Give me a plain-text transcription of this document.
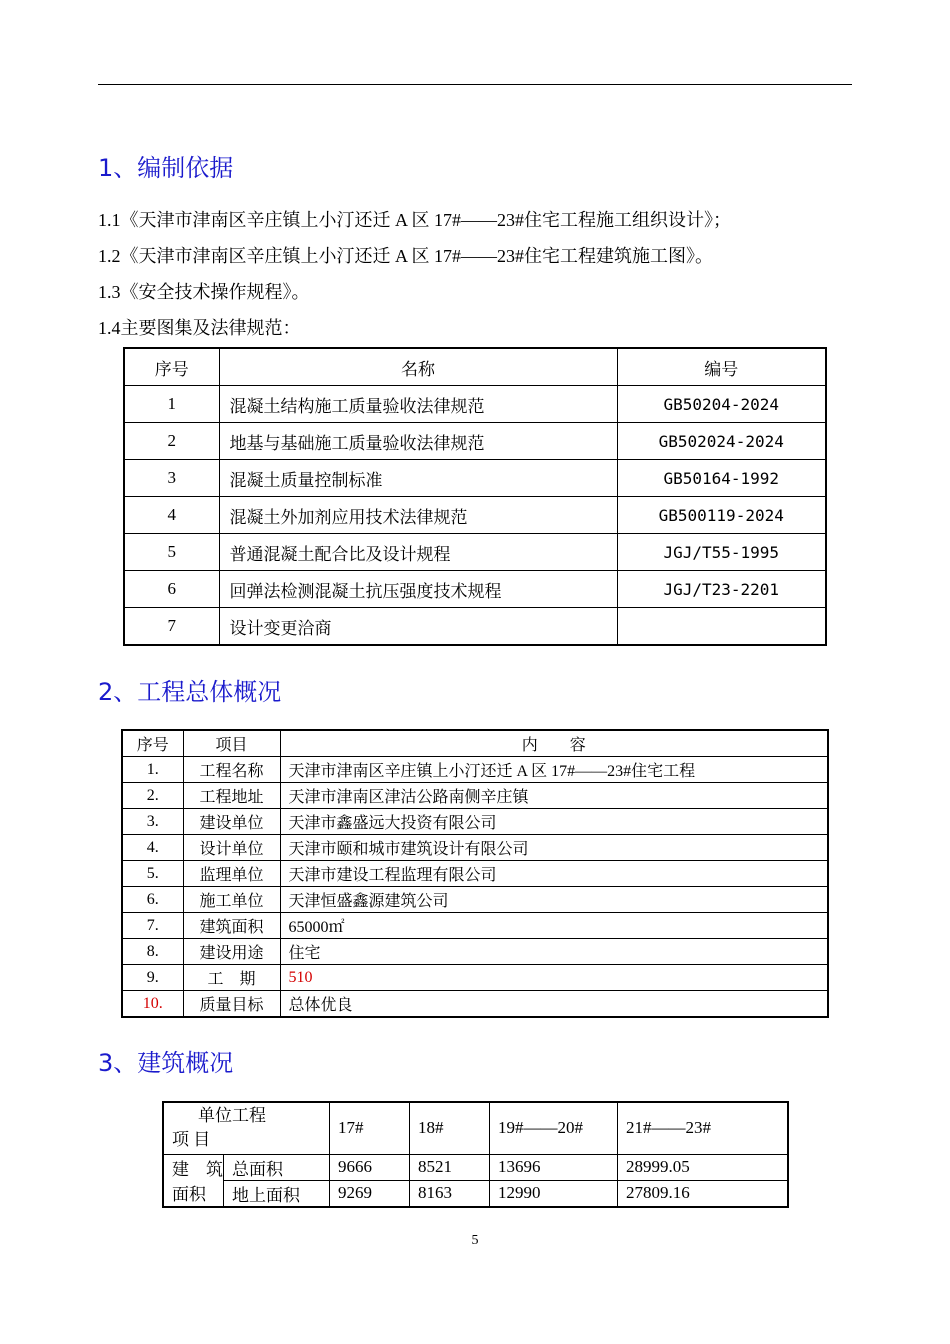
1、编制依据
1.1《天津市津南区辛庄镇上小汀还迁 A 区 17#——23#住宅工程施工组织设计》；
1.2《天津市津南区辛庄镇上小汀还迁 A 区 17#——23#住宅工程建筑施工图》。
1.3《安全技术操作规程》。
1.4主要图集及法律规范：
序号	名称	编号
1	混凝土结构施工质量验收法律规范	GB50204-2024
2	地基与基础施工质量验收法律规范	GB502024-2024
3	混凝土质量控制标准	GB50164-1992
4	混凝土外加剂应用技术法律规范	GB500119-2024
5	普通混凝土配合比及设计规程	JGJ/T55-1995
6	回弹法检测混凝土抗压强度技术规程	JGJ/T23-2201
7	设计变更洽商	
2、工程总体概况
序号	项目	内　　容
1.	工程名称	天津市津南区辛庄镇上小汀还迁 A 区 17#——23#住宅工程
2.	工程地址	天津市津南区津沽公路南侧辛庄镇
3.	建设单位	天津市鑫盛远大投资有限公司
4.	设计单位	天津市颐和城市建筑设计有限公司
5.	监理单位	天津市建设工程监理有限公司
6.	施工单位	天津恒盛鑫源建筑公司
7.	建筑面积	65000㎡
8.	建设用途	住宅
9.	工　期	510
10.	质量目标	总体优良
3、建筑概况
单位工程
项 目		17#	18#	19#——20#	21#——23#
建　筑	总面积	9666	8521	13696	28999.05
面积	地上面积	9269	8163	12990	27809.16
5
